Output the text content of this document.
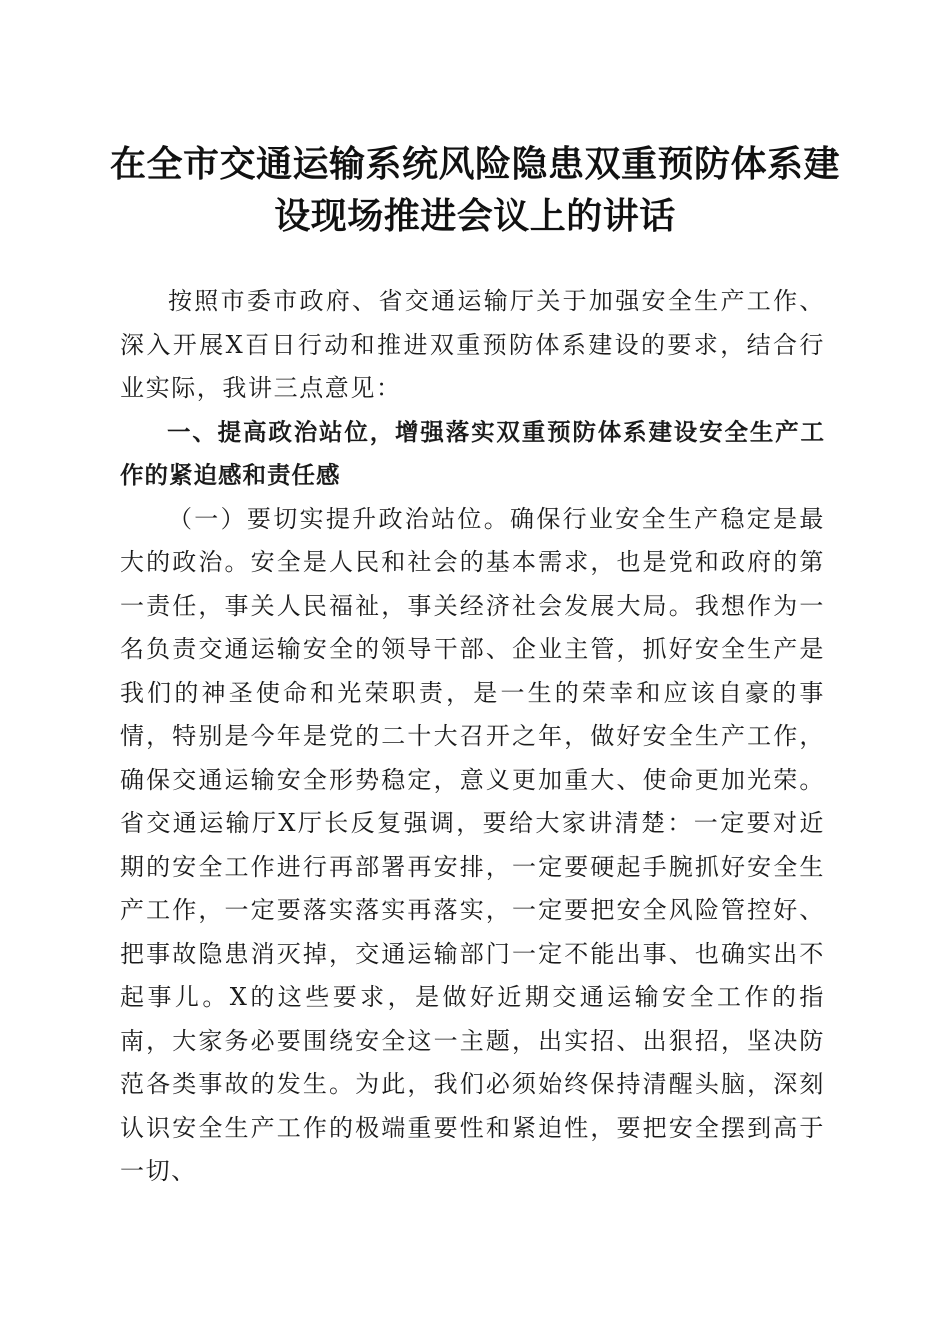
在全市交通运输系统风险隐患双重预防体系建设现场推进会议上的讲话

按照市委市政府、省交通运输厅关于加强安全生产工作、深入开展X百日行动和推进双重预防体系建设的要求，结合行业实际，我讲三点意见：

一、提高政治站位，增强落实双重预防体系建设安全生产工作的紧迫感和责任感

（一）要切实提升政治站位。确保行业安全生产稳定是最大的政治。安全是人民和社会的基本需求，也是党和政府的第一责任，事关人民福祉，事关经济社会发展大局。我想作为一名负责交通运输安全的领导干部、企业主管，抓好安全生产是我们的神圣使命和光荣职责，是一生的荣幸和应该自豪的事情，特别是今年是党的二十大召开之年，做好安全生产工作，确保交通运输安全形势稳定，意义更加重大、使命更加光荣。省交通运输厅X厅长反复强调，要给大家讲清楚：一定要对近期的安全工作进行再部署再安排，一定要硬起手腕抓好安全生产工作，一定要落实落实再落实，一定要把安全风险管控好、把事故隐患消灭掉，交通运输部门一定不能出事、也确实出不起事儿。X的这些要求，是做好近期交通运输安全工作的指南，大家务必要围绕安全这一主题，出实招、出狠招，坚决防范各类事故的发生。为此，我们必须始终保持清醒头脑，深刻认识安全生产工作的极端重要性和紧迫性，要把安全摆到高于一切、
